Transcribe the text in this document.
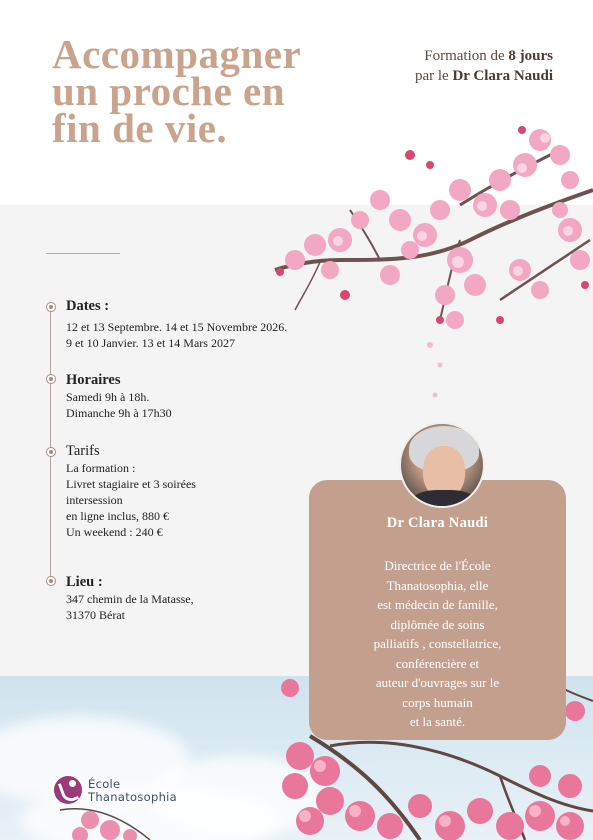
Accompagner
un proche en
fin de vie.
Formation de 8 jours
par le Dr Clara Naudi
Dates :
12 et 13 Septembre. 14 et 15 Novembre 2026.
9 et 10 Janvier. 13 et 14 Mars 2027
Horaires
Samedi 9h à 18h.
Dimanche 9h à 17h30
Tarifs
La formation :
Livret stagiaire et 3 soirées
intersession
en ligne inclus, 880 €
Un weekend : 240 €
Lieu :
347 chemin de la Matasse,
31370 Bérat
Dr Clara Naudi
Directrice de l'École
Thanatosophia, elle
est médecin de famille,
diplômée de soins
palliatifs , constellatrice,
conférencière et
auteur d'ouvrages sur le
corps humain
et la santé.
École
Thanatosophia
